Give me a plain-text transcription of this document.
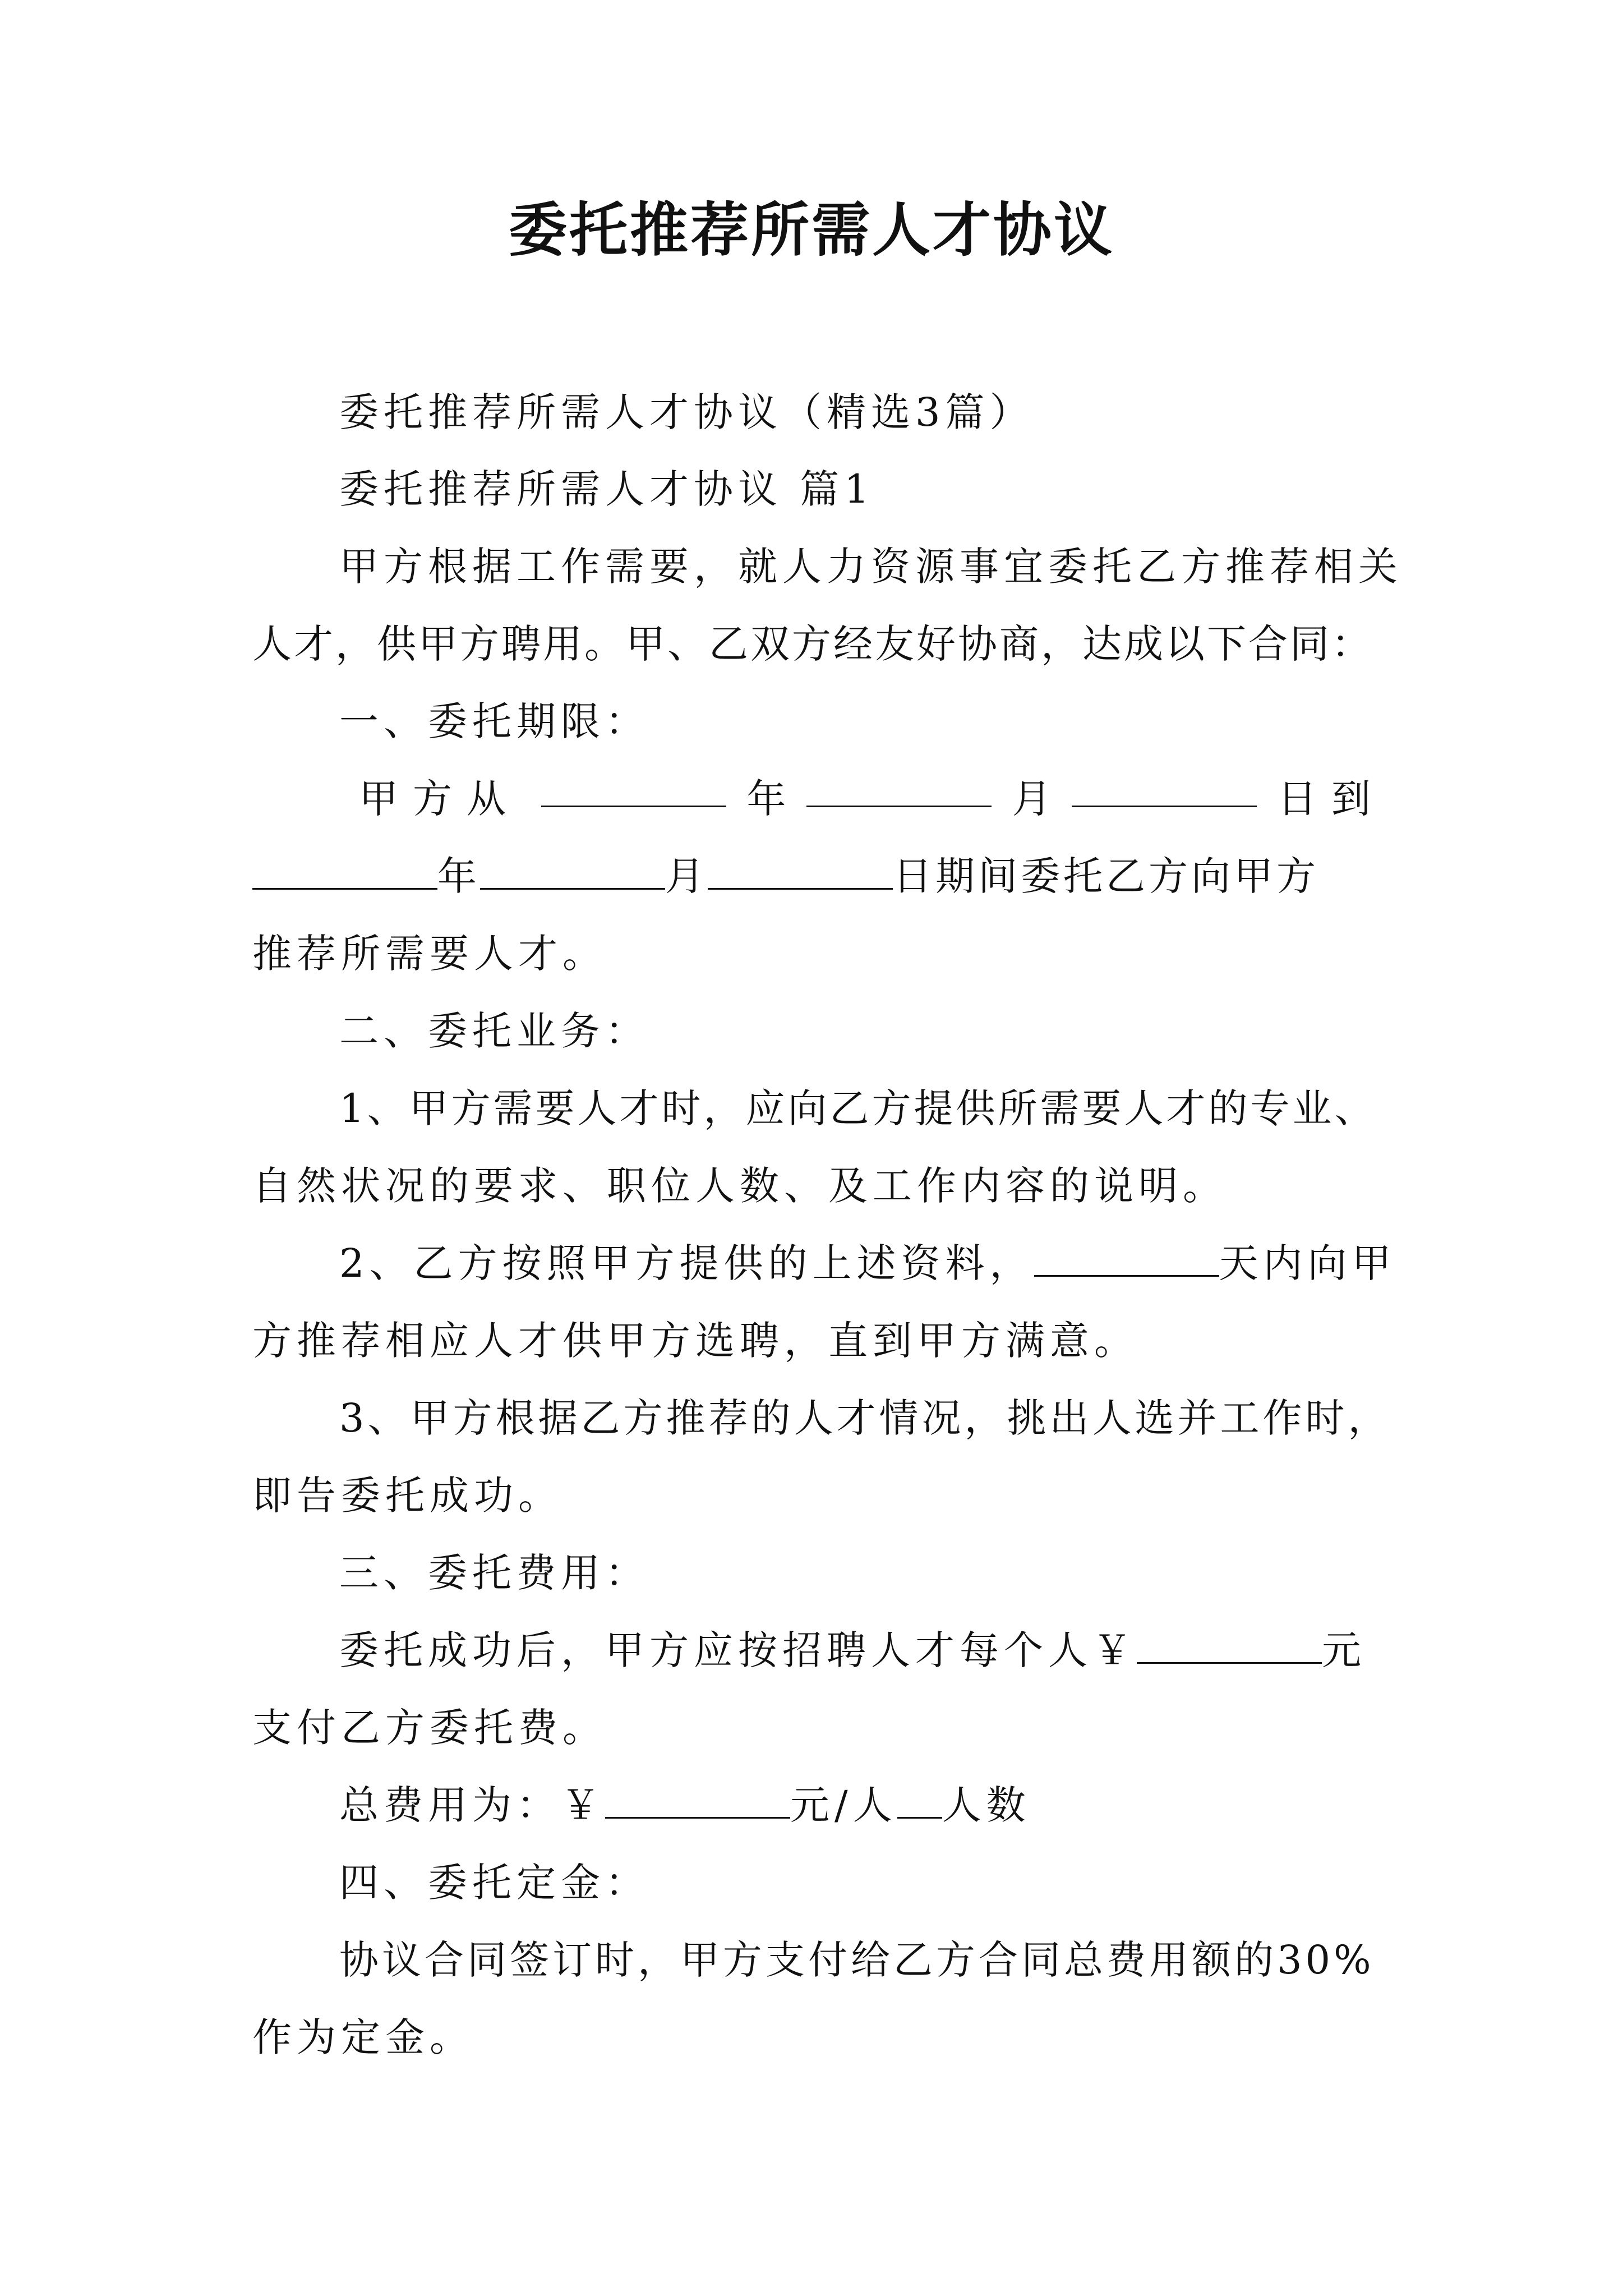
委托推荐所需人才协议
委托推荐所需人才协议（精选3篇）
委托推荐所需人才协议 篇1
甲方根据工作需要，就人力资源事宜委托乙方推荐相关
人才，供甲方聘用。甲、乙双方经友好协商，达成以下合同：
一、委托期限：
甲方从	年	月	日到
年	月	日期间委托乙方向甲方
推荐所需要人才。
二、委托业务：
1、甲方需要人才时，应向乙方提供所需要人才的专业、
自然状况的要求、职位人数、及工作内容的说明。
2、乙方按照甲方提供的上述资料，	天内向甲
方推荐相应人才供甲方选聘，直到甲方满意。
3、甲方根据乙方推荐的人才情况，挑出人选并工作时，
即告委托成功。
三、委托费用：
委托成功后，甲方应按招聘人才每个人￥	元
支付乙方委托费。
总费用为：￥	元/人 人数
四、委托定金：
协议合同签订时，甲方支付给乙方合同总费用额的30%
作为定金。
